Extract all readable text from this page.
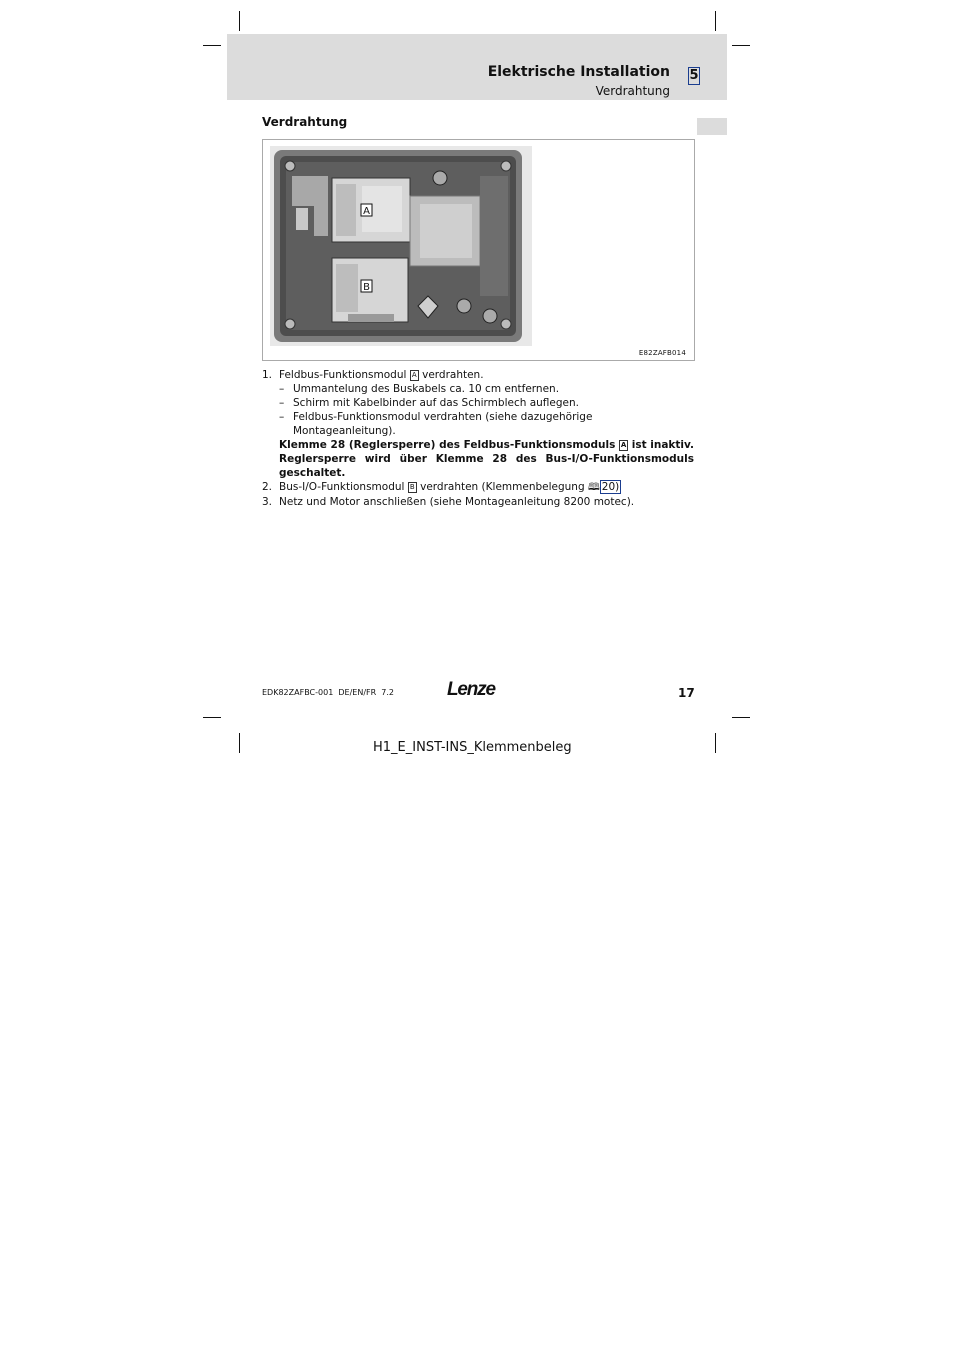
Elektrische Installation
Verdrahtung
5
Verdrahtung
A
B
E82ZAFB014
1. Feldbus-Funktionsmodul A verdrahten.
– Ummantelung des Buskabels ca. 10 cm entfernen.
– Schirm mit Kabelbinder auf das Schirmblech auflegen.
– Feldbus-Funktionsmodul verdrahten (siehe dazugehörige Montageanleitung).
Klemme 28 (Reglersperre) des Feldbus-Funktionsmoduls A ist inaktiv. Reglersperre wird über Klemme 28 des Bus-I/O-Funktionsmoduls geschaltet.
2. Bus-I/O-Funktionsmodul B verdrahten (Klemmenbelegung 🕮 20)
3. Netz und Motor anschließen (siehe Montageanleitung 8200 motec).
EDK82ZAFBC-001  DE/EN/FR  7.2	Lenze	17
H1_E_INST-INS_Klemmenbeleg
